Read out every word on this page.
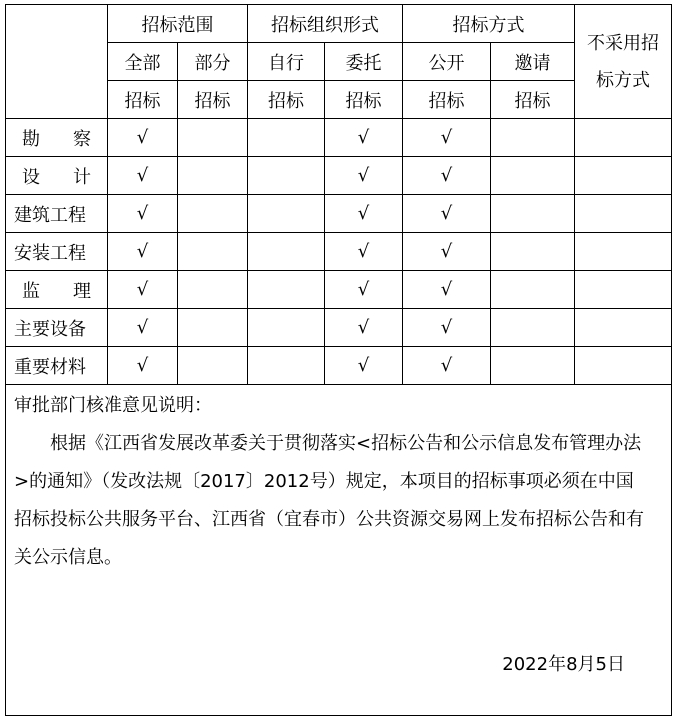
	招标范围		招标组织形式		招标方式		不采用招
标方式

	全部	部分	自行	委托	公开	邀请	
	招标	招标	招标	招标	招标	招标	

勘 察	√			√	√		

设 计	√			√	√		
建筑工程	√			√	√		
安装工程	√			√	√		

监 理	√			√	√		
主要设备	√			√	√		
重要材料	√			√	√		

审批部门核准意见说明：
根据《江西省发展改革委关于贯彻落实<招标公告和公示信息发布管理办法>的通知》（发改法规〔2017〕2012号）规定，本项目的招标事项必须在中国招标投标公共服务平台、江西省（宜春市）公共资源交易网上发布招标公告和有关公示信息。
2022年8月5日							
